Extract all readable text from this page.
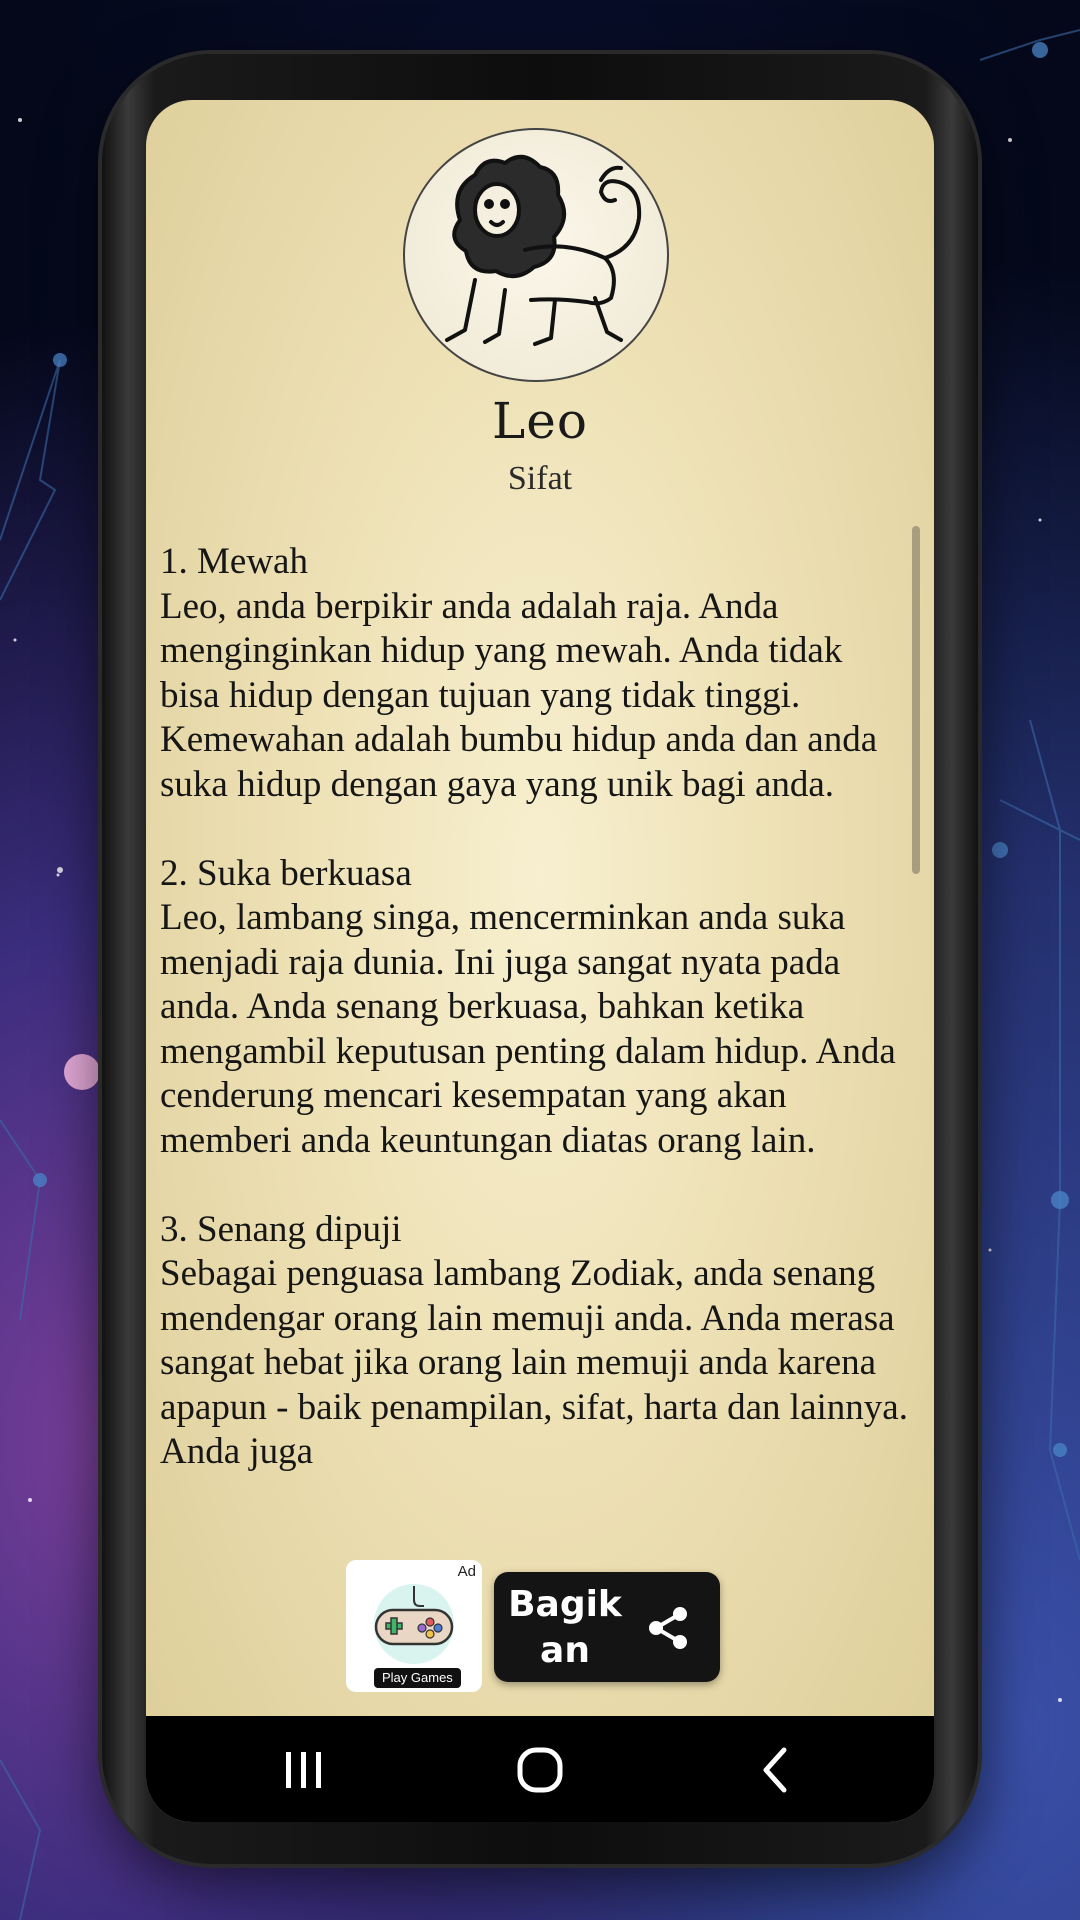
Leo
Sifat

1. Mewah
Leo, anda berpikir anda adalah raja. Anda menginginkan hidup yang mewah. Anda tidak bisa hidup dengan tujuan yang tidak tinggi. Kemewahan adalah bumbu hidup anda dan anda suka hidup dengan gaya yang unik bagi anda.

2. Suka berkuasa
Leo, lambang singa, mencerminkan anda suka menjadi raja dunia. Ini juga sangat nyata pada anda. Anda senang berkuasa, bahkan ketika mengambil keputusan penting dalam hidup. Anda cenderung mencari kesempatan yang akan memberi anda keuntungan diatas orang lain.

3. Senang dipuji
Sebagai penguasa lambang Zodiak, anda senang mendengar orang lain memuji anda. Anda merasa sangat hebat jika orang lain memuji anda karena apapun - baik penampilan, sifat, harta dan lainnya. Anda juga

Ad
Play Games
Bagikan
